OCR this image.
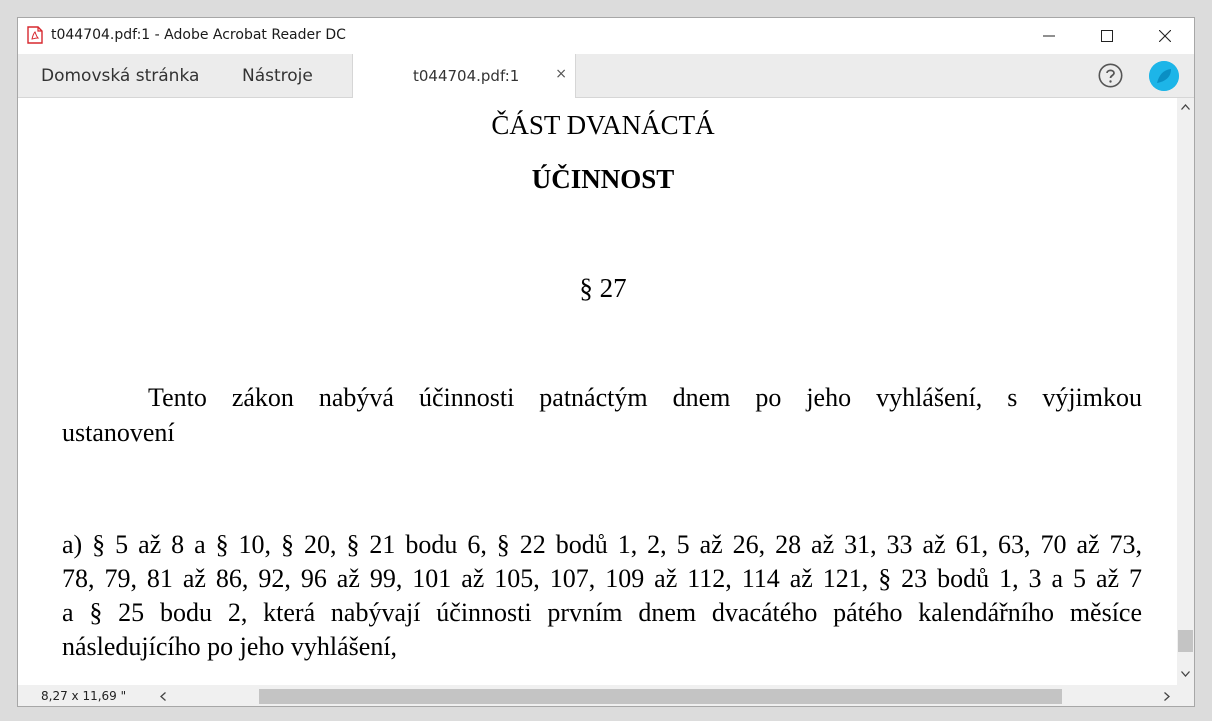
t044704.pdf:1 - Adobe Acrobat Reader DC
Domovská stránka	Nástroje	t044704.pdf:1	×
ČÁST DVANÁCTÁ
ÚČINNOST
§ 27
Tento zákon nabývá účinnosti patnáctým dnem po jeho vyhlášení, s výjimkou
ustanovení
a) § 5 až 8 a § 10, § 20, § 21 bodu 6, § 22 bodů 1, 2, 5 až 26, 28 až 31, 33 až 61, 63, 70 až 73,
78, 79, 81 až 86, 92, 96 až 99, 101 až 105, 107, 109 až 112, 114 až 121, § 23 bodů 1, 3 a 5 až 7
a § 25 bodu 2, která nabývají účinnosti prvním dnem dvacátého pátého kalendářního měsíce
následujícího po jeho vyhlášení,
8,27 x 11,69 "
